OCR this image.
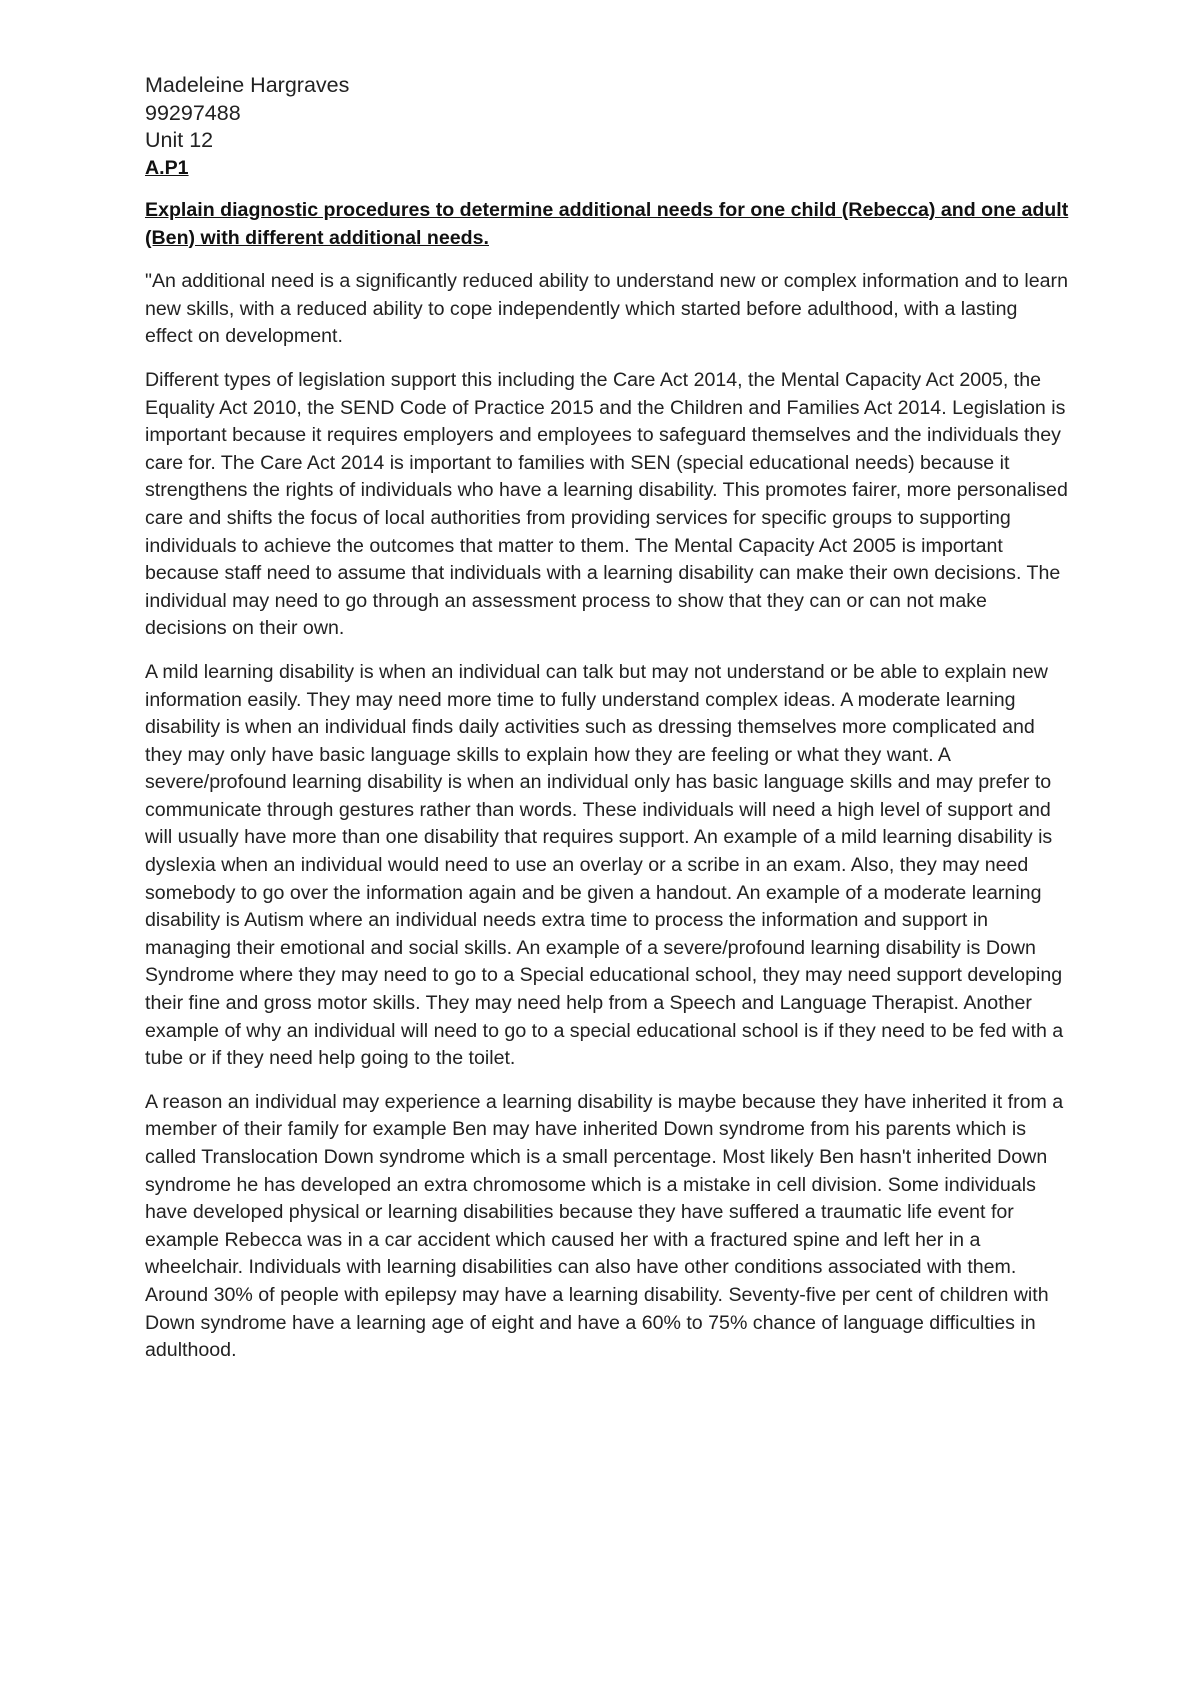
Madeleine Hargraves
99297488
Unit 12
A.P1
Explain diagnostic procedures to determine additional needs for one child (Rebecca) and one adult (Ben) with different additional needs.

"An additional need is a significantly reduced ability to understand new or complex information and to learn new skills, with a reduced ability to cope independently which started before adulthood, with a lasting effect on development.

Different types of legislation support this including the Care Act 2014, the Mental Capacity Act 2005, the Equality Act 2010, the SEND Code of Practice 2015 and the Children and Families Act 2014. Legislation is important because it requires employers and employees to safeguard themselves and the individuals they care for. The Care Act 2014 is important to families with SEN (special educational needs) because it strengthens the rights of individuals who have a learning disability. This promotes fairer, more personalised care and shifts the focus of local authorities from providing services for specific groups to supporting individuals to achieve the outcomes that matter to them. The Mental Capacity Act 2005 is important because staff need to assume that individuals with a learning disability can make their own decisions. The individual may need to go through an assessment process to show that they can or can not make decisions on their own.

A mild learning disability is when an individual can talk but may not understand or be able to explain new information easily. They may need more time to fully understand complex ideas. A moderate learning disability is when an individual finds daily activities such as dressing themselves more complicated and they may only have basic language skills to explain how they are feeling or what they want. A severe/profound learning disability is when an individual only has basic language skills and may prefer to communicate through gestures rather than words. These individuals will need a high level of support and will usually have more than one disability that requires support. An example of a mild learning disability is dyslexia when an individual would need to use an overlay or a scribe in an exam. Also, they may need somebody to go over the information again and be given a handout. An example of a moderate learning disability is Autism where an individual needs extra time to process the information and support in managing their emotional and social skills. An example of a severe/profound learning disability is Down Syndrome where they may need to go to a Special educational school, they may need support developing their fine and gross motor skills. They may need help from a Speech and Language Therapist. Another example of why an individual will need to go to a special educational school is if they need to be fed with a tube or if they need help going to the toilet.

A reason an individual may experience a learning disability is maybe because they have inherited it from a member of their family for example Ben may have inherited Down syndrome from his parents which is called Translocation Down syndrome which is a small percentage. Most likely Ben hasn't inherited Down syndrome he has developed an extra chromosome which is a mistake in cell division. Some individuals have developed physical or learning disabilities because they have suffered a traumatic life event for example Rebecca was in a car accident which caused her with a fractured spine and left her in a wheelchair. Individuals with learning disabilities can also have other conditions associated with them. Around 30% of people with epilepsy may have a learning disability. Seventy-five per cent of children with Down syndrome have a learning age of eight and have a 60% to 75% chance of language difficulties in adulthood.
